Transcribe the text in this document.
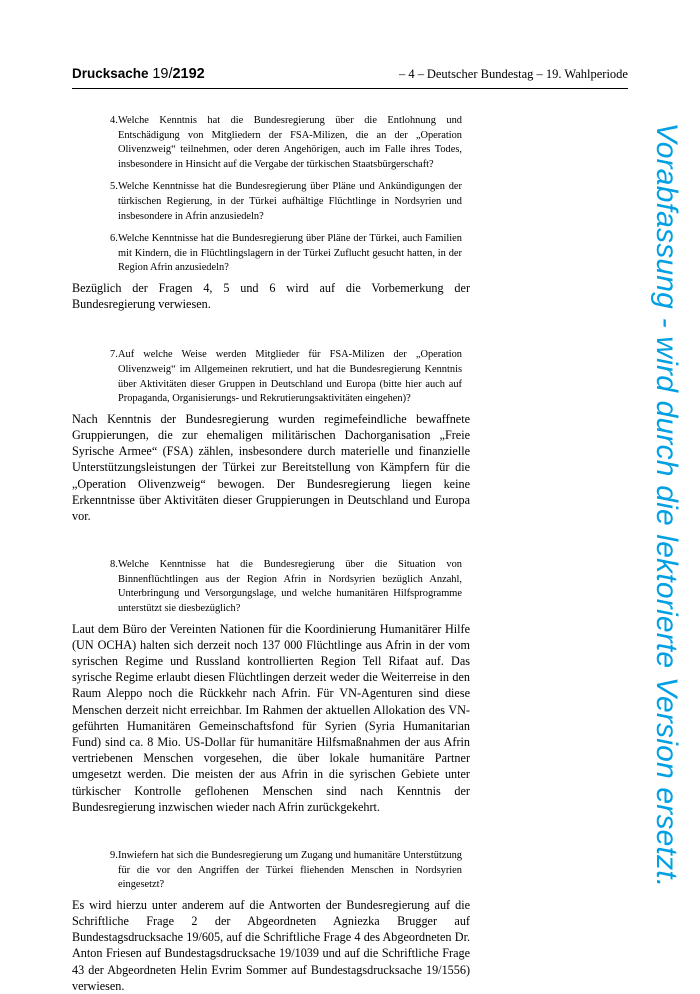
Drucksache 19/2192	– 4 – Deutscher Bundestag – 19. Wahlperiode
4. Welche Kenntnis hat die Bundesregierung über die Entlohnung und Entschädigung von Mitgliedern der FSA-Milizen, die an der „Operation Olivenzweig“ teilnehmen, oder deren Angehörigen, auch im Falle ihres Todes, insbesondere in Hinsicht auf die Vergabe der türkischen Staatsbürgerschaft?
5. Welche Kenntnisse hat die Bundesregierung über Pläne und Ankündigungen der türkischen Regierung, in der Türkei aufhältige Flüchtlinge in Nordsyrien und insbesondere in Afrin anzusiedeln?
6. Welche Kenntnisse hat die Bundesregierung über Pläne der Türkei, auch Familien mit Kindern, die in Flüchtlingslagern in der Türkei Zuflucht gesucht hatten, in der Region Afrin anzusiedeln?

Bezüglich der Fragen 4, 5 und 6 wird auf die Vorbemerkung der Bundesregierung verwiesen.

7. Auf welche Weise werden Mitglieder für FSA-Milizen der „Operation Olivenzweig“ im Allgemeinen rekrutiert, und hat die Bundesregierung Kenntnis über Aktivitäten dieser Gruppen in Deutschland und Europa (bitte hier auch auf Propaganda, Organisierungs- und Rekrutierungsaktivitäten eingehen)?

Nach Kenntnis der Bundesregierung wurden regimefeindliche bewaffnete Gruppierungen, die zur ehemaligen militärischen Dachorganisation „Freie Syrische Armee“ (FSA) zählen, insbesondere durch materielle und finanzielle Unterstützungsleistungen der Türkei zur Bereitstellung von Kämpfern für die „Operation Olivenzweig“ bewogen. Der Bundesregierung liegen keine Erkenntnisse über Aktivitäten dieser Gruppierungen in Deutschland und Europa vor.

8. Welche Kenntnisse hat die Bundesregierung über die Situation von Binnenflüchtlingen aus der Region Afrin in Nordsyrien bezüglich Anzahl, Unterbringung und Versorgungslage, und welche humanitären Hilfsprogramme unterstützt sie diesbezüglich?

Laut dem Büro der Vereinten Nationen für die Koordinierung Humanitärer Hilfe (UN OCHA) halten sich derzeit noch 137 000 Flüchtlinge aus Afrin in der vom syrischen Regime und Russland kontrollierten Region Tell Rifaat auf. Das syrische Regime erlaubt diesen Flüchtlingen derzeit weder die Weiterreise in den Raum Aleppo noch die Rückkehr nach Afrin. Für VN-Agenturen sind diese Menschen derzeit nicht erreichbar. Im Rahmen der aktuellen Allokation des VN-geführten Humanitären Gemeinschaftsfond für Syrien (Syria Humanitarian Fund) sind ca. 8 Mio. US-Dollar für humanitäre Hilfsmaßnahmen der aus Afrin vertriebenen Menschen vorgesehen, die über lokale humanitäre Partner umgesetzt werden. Die meisten der aus Afrin in die syrischen Gebiete unter türkischer Kontrolle geflohenen Menschen sind nach Kenntnis der Bundesregierung inzwischen wieder nach Afrin zurückgekehrt.

9. Inwiefern hat sich die Bundesregierung um Zugang und humanitäre Unterstützung für die vor den Angriffen der Türkei fliehenden Menschen in Nordsyrien eingesetzt?

Es wird hierzu unter anderem auf die Antworten der Bundesregierung auf die Schriftliche Frage 2 der Abgeordneten Agniezka Brugger auf Bundestagsdrucksache 19/605, auf die Schriftliche Frage 4 des Abgeordneten Dr. Anton Friesen auf Bundestagsdrucksache 19/1039 und auf die Schriftliche Frage 43 der Abgeordneten Helin Evrim Sommer auf Bundestagsdrucksache 19/1556) verwiesen.

Vorabfassung - wird durch die lektorierte Version ersetzt.
